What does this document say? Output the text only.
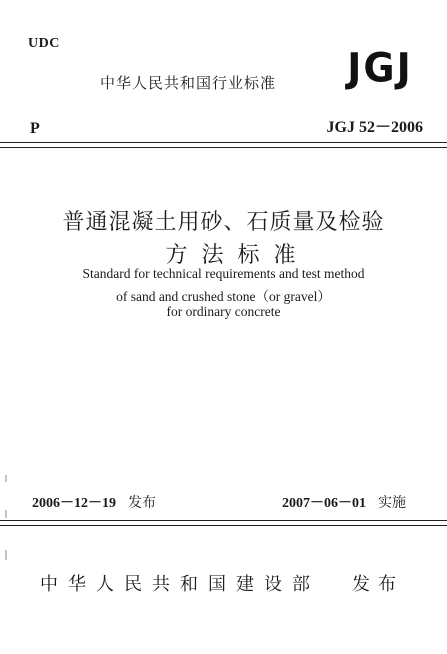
UDC
中华人民共和国行业标准 JGJ
P	JGJ 52－2006
普通混凝土用砂、石质量及检验
方法标准
Standard for technical requirements and test method
of sand and crushed stone（or gravel）
for ordinary concrete
2006－12－19 发布	2007－06－01 实施
中华人民共和国建设部 发布
